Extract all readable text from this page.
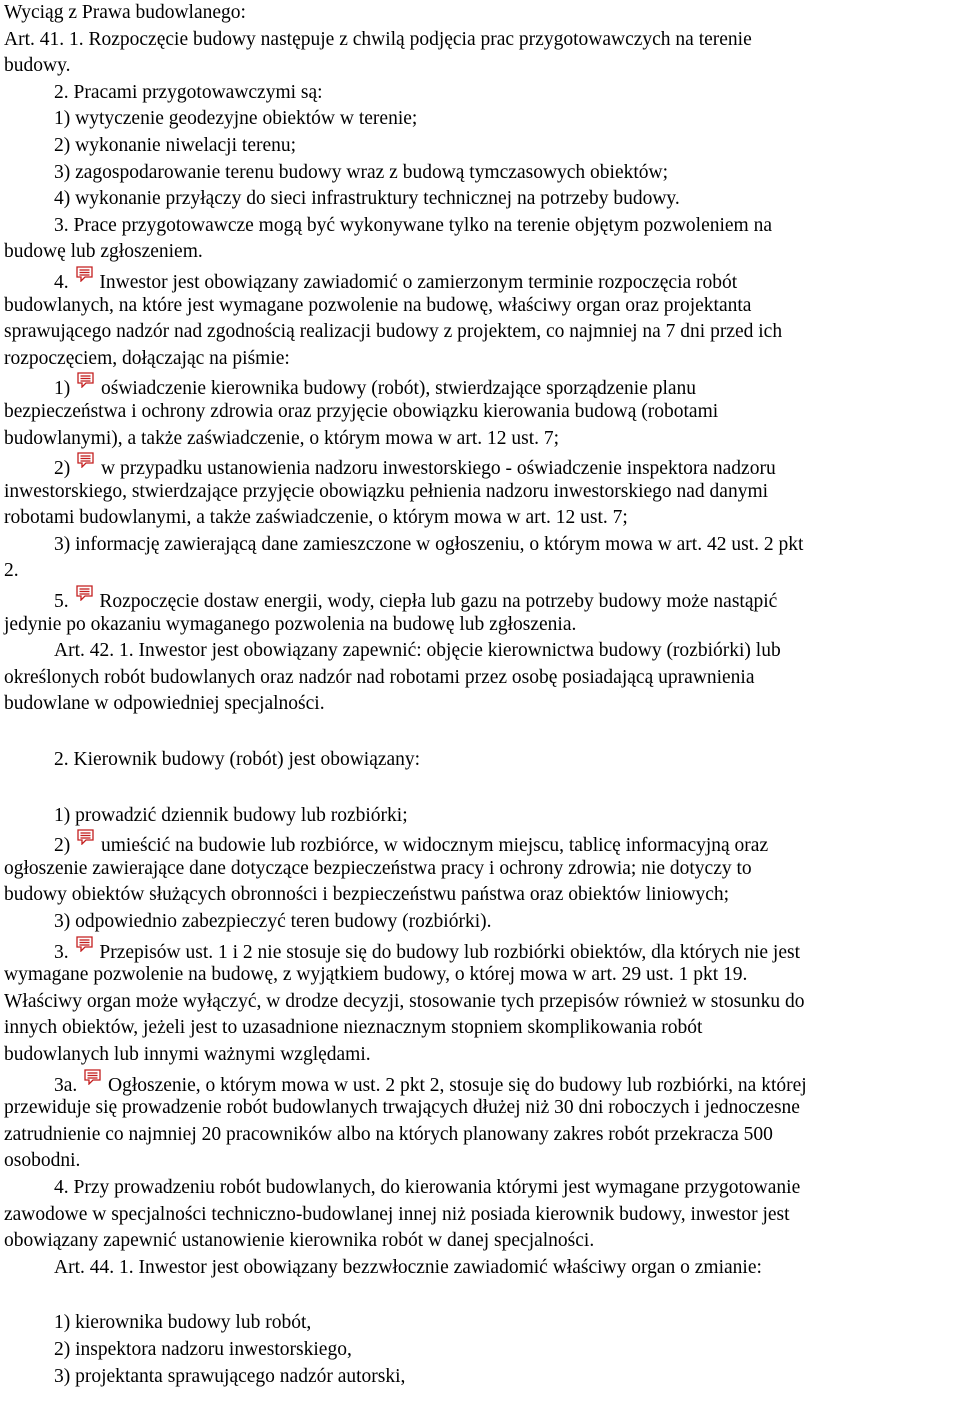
Wyciąg z Prawa budowlanego:
Art. 41. 1. Rozpoczęcie budowy następuje z chwilą podjęcia prac przygotowawczych na terenie
budowy.
2. Pracami przygotowawczymi są:
1) wytyczenie geodezyjne obiektów w terenie;
2) wykonanie niwelacji terenu;
3) zagospodarowanie terenu budowy wraz z budową tymczasowych obiektów;
4) wykonanie przyłączy do sieci infrastruktury technicznej na potrzeby budowy.
3. Prace przygotowawcze mogą być wykonywane tylko na terenie objętym pozwoleniem na
budowę lub zgłoszeniem.
4. Inwestor jest obowiązany zawiadomić o zamierzonym terminie rozpoczęcia robót
budowlanych, na które jest wymagane pozwolenie na budowę, właściwy organ oraz projektanta
sprawującego nadzór nad zgodnością realizacji budowy z projektem, co najmniej na 7 dni przed ich
rozpoczęciem, dołączając na piśmie:
1) oświadczenie kierownika budowy (robót), stwierdzające sporządzenie planu
bezpieczeństwa i ochrony zdrowia oraz przyjęcie obowiązku kierowania budową (robotami
budowlanymi), a także zaświadczenie, o którym mowa w art. 12 ust. 7;
2) w przypadku ustanowienia nadzoru inwestorskiego - oświadczenie inspektora nadzoru
inwestorskiego, stwierdzające przyjęcie obowiązku pełnienia nadzoru inwestorskiego nad danymi
robotami budowlanymi, a także zaświadczenie, o którym mowa w art. 12 ust. 7;
3) informację zawierającą dane zamieszczone w ogłoszeniu, o którym mowa w art. 42 ust. 2 pkt
2.
5. Rozpoczęcie dostaw energii, wody, ciepła lub gazu na potrzeby budowy może nastąpić
jedynie po okazaniu wymaganego pozwolenia na budowę lub zgłoszenia.
Art. 42. 1. Inwestor jest obowiązany zapewnić: objęcie kierownictwa budowy (rozbiórki) lub
określonych robót budowlanych oraz nadzór nad robotami przez osobę posiadającą uprawnienia
budowlane w odpowiedniej specjalności.
2. Kierownik budowy (robót) jest obowiązany:
1) prowadzić dziennik budowy lub rozbiórki;
2) umieścić na budowie lub rozbiórce, w widocznym miejscu, tablicę informacyjną oraz
ogłoszenie zawierające dane dotyczące bezpieczeństwa pracy i ochrony zdrowia; nie dotyczy to
budowy obiektów służących obronności i bezpieczeństwu państwa oraz obiektów liniowych;
3) odpowiednio zabezpieczyć teren budowy (rozbiórki).
3. Przepisów ust. 1 i 2 nie stosuje się do budowy lub rozbiórki obiektów, dla których nie jest
wymagane pozwolenie na budowę, z wyjątkiem budowy, o której mowa w art. 29 ust. 1 pkt 19.
Właściwy organ może wyłączyć, w drodze decyzji, stosowanie tych przepisów również w stosunku do
innych obiektów, jeżeli jest to uzasadnione nieznacznym stopniem skomplikowania robót
budowlanych lub innymi ważnymi względami.
3a. Ogłoszenie, o którym mowa w ust. 2 pkt 2, stosuje się do budowy lub rozbiórki, na której
przewiduje się prowadzenie robót budowlanych trwających dłużej niż 30 dni roboczych i jednoczesne
zatrudnienie co najmniej 20 pracowników albo na których planowany zakres robót przekracza 500
osobodni.
4. Przy prowadzeniu robót budowlanych, do kierowania którymi jest wymagane przygotowanie
zawodowe w specjalności techniczno-budowlanej innej niż posiada kierownik budowy, inwestor jest
obowiązany zapewnić ustanowienie kierownika robót w danej specjalności.
Art. 44. 1. Inwestor jest obowiązany bezzwłocznie zawiadomić właściwy organ o zmianie:
1) kierownika budowy lub robót,
2) inspektora nadzoru inwestorskiego,
3) projektanta sprawującego nadzór autorski,
